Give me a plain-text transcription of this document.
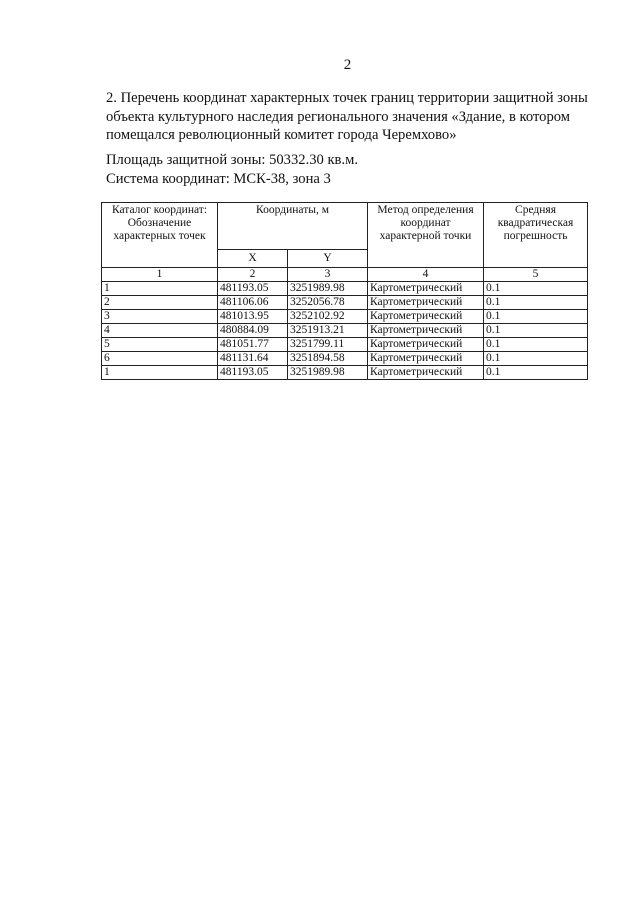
2

2. Перечень координат характерных точек границ территории защитной зоны

объекта культурного наследия регионального значения «Здание, в котором

помещался революционный комитет города Черемхово»

Площадь защитной зоны: 50332.30 кв.м.

Система координат: МСК-38, зона 3

Каталог координат: Обозначение характерных точек	Координаты, м		Метод определения координат характерной точки	Средняя квадратическая погрешность
	X	Y		
1	2	3	4	5
1	481193.05	3251989.98	Картометрический	0.1
2	481106.06	3252056.78	Картометрический	0.1
3	481013.95	3252102.92	Картометрический	0.1
4	480884.09	3251913.21	Картометрический	0.1
5	481051.77	3251799.11	Картометрический	0.1
6	481131.64	3251894.58	Картометрический	0.1
1	481193.05	3251989.98	Картометрический	0.1
